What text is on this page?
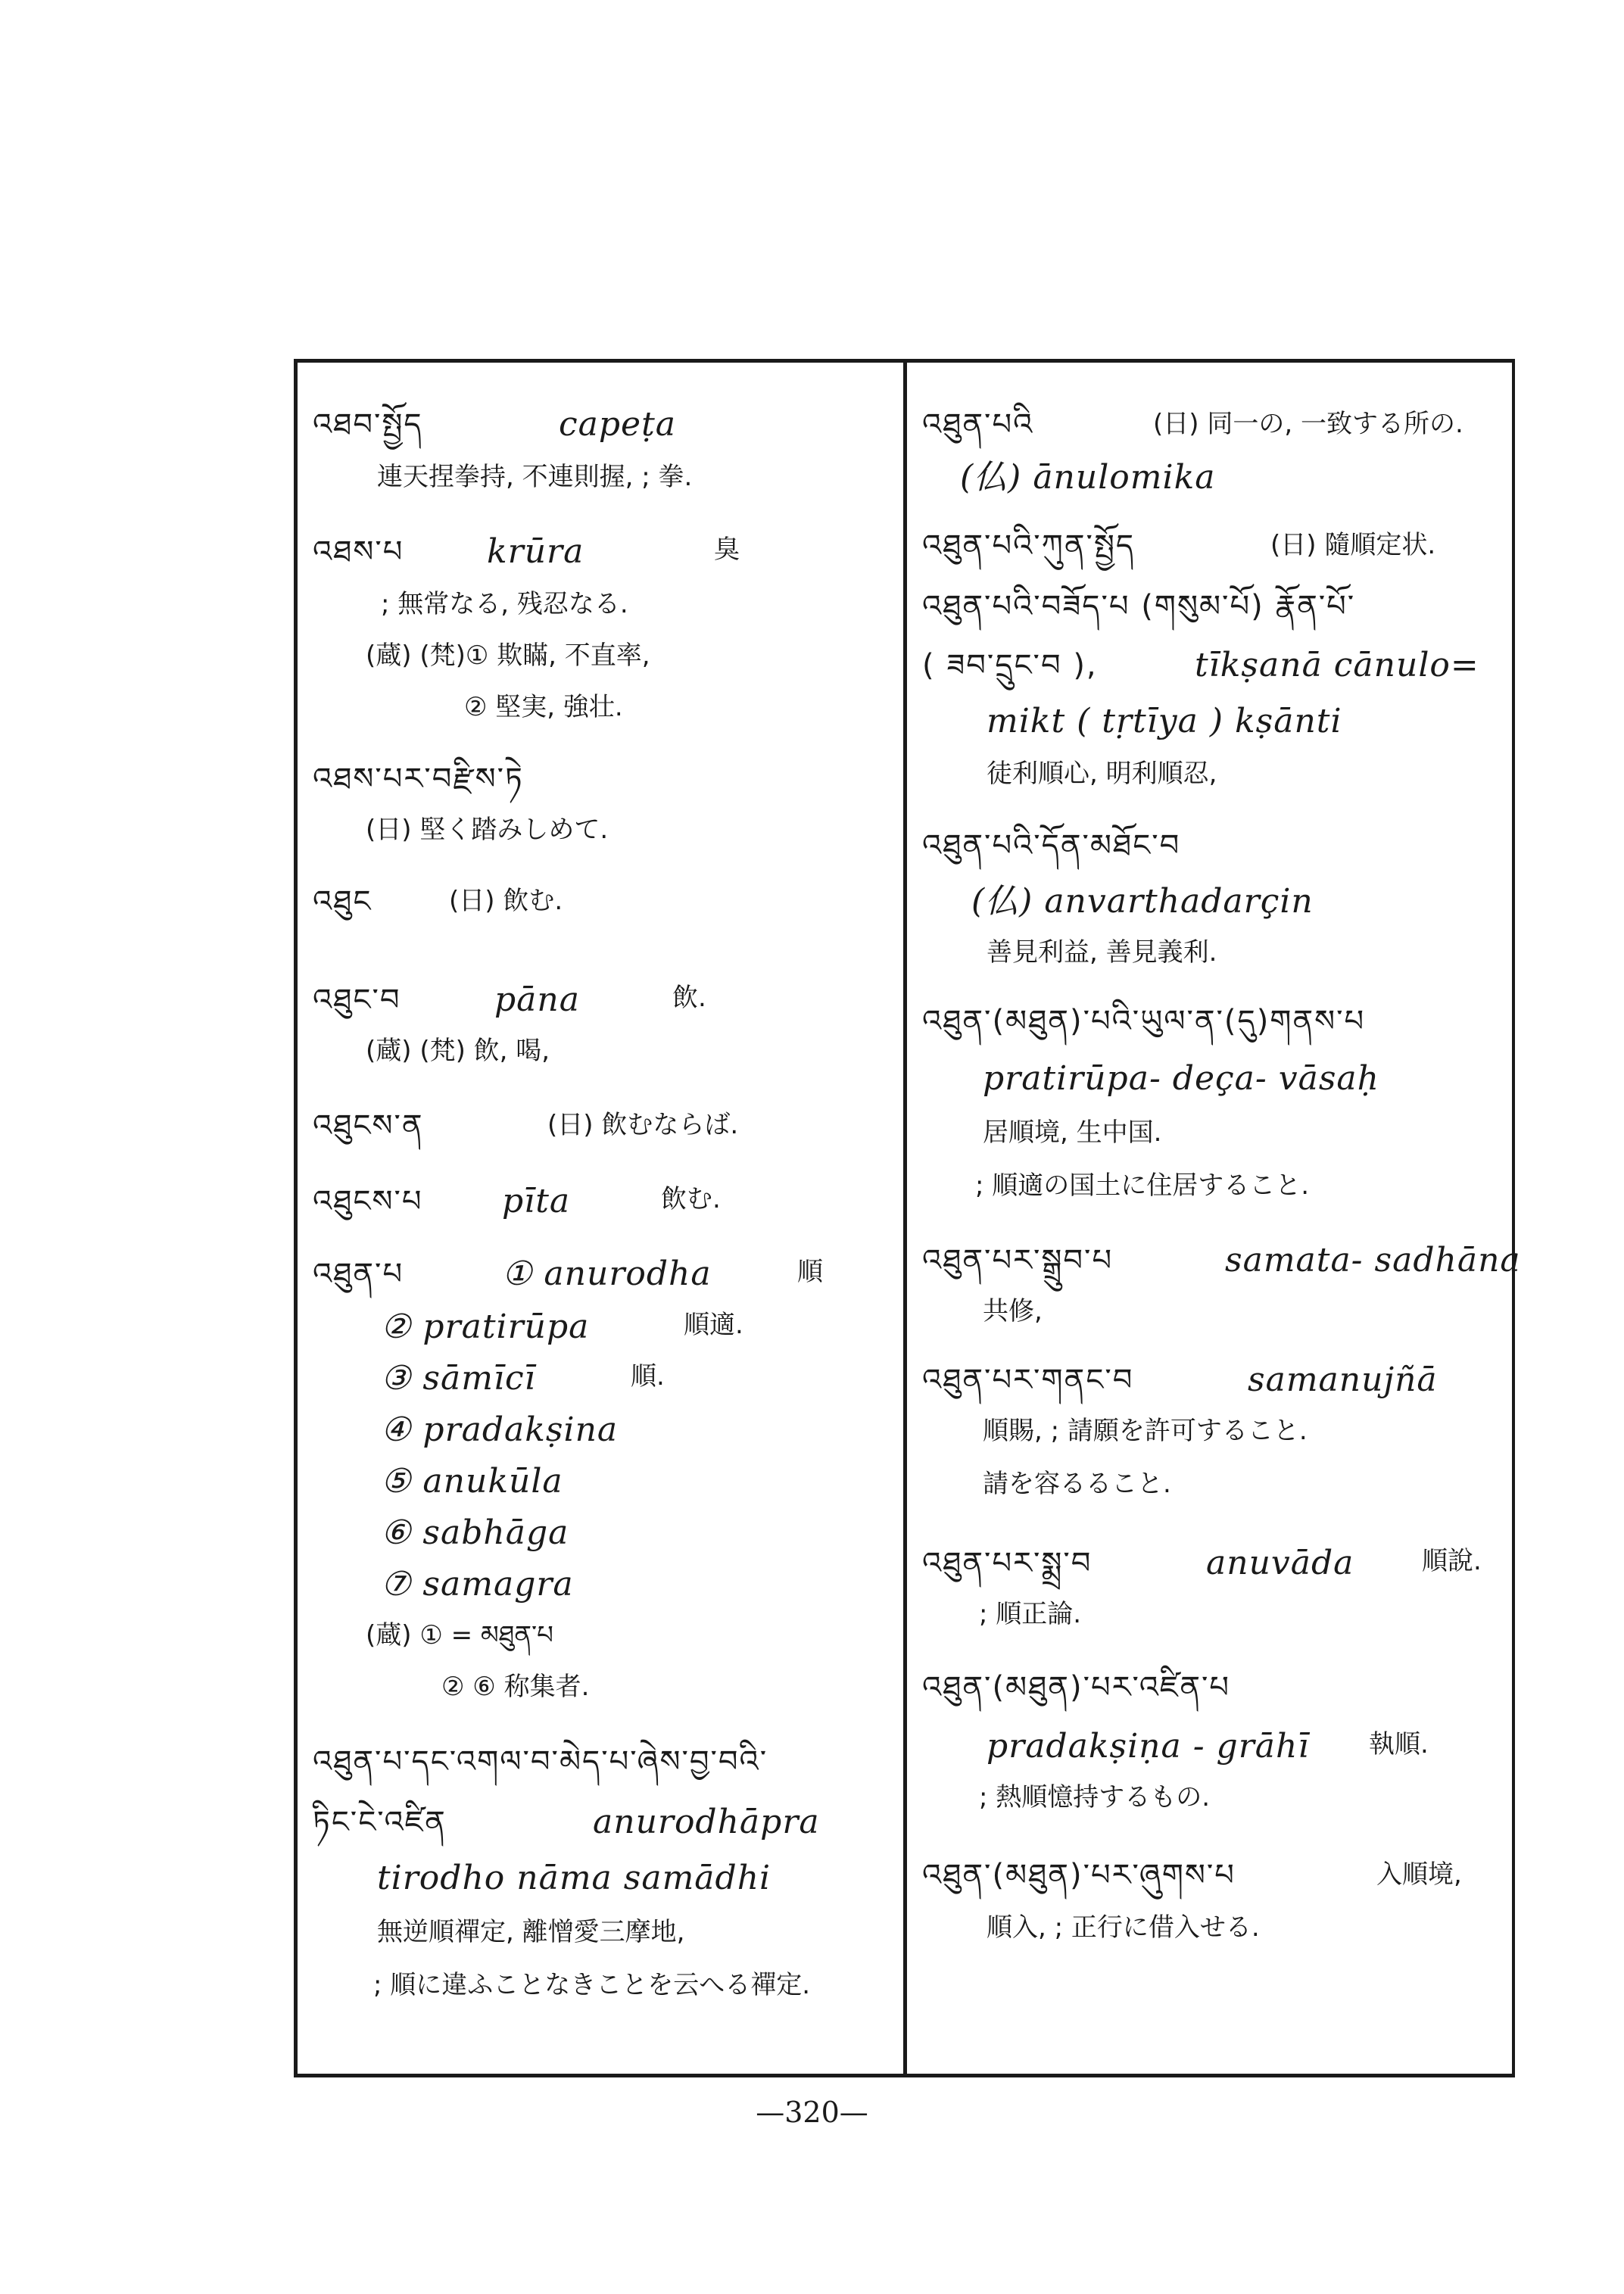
འཐབ་སྤྱོད	capeṭa
連天捏拳持, 不連則握, ; 拳.
འཐས་པ krūra	臭
; 無常なる, 残忍なる.
(蔵) (梵)① 欺瞞, 不直率,
② 堅実, 強壮.
འཐས་པར་བརྫིས་ཏེ
(日) 堅く踏みしめて.
འཐུང	(日) 飲む.
འཐུང་བ	pāna	飲.
(蔵) (梵) 飲, 喝,
འཐུངས་ན	(日) 飲むならば.
འཐུངས་པ pīta	飲む.
འཐུན་པ	① anurodha	順
② pratirūpa	順適.
③ sāmīcī	順.
④ pradakṣina
⑤ anukūla
⑥ sabhāga
⑦ samagra
(蔵) ① = མཐུན་པ
② ⑥ 称集者.
འཐུན་པ་དང་འགལ་བ་མེད་པ་ཞེས་བྱ་བའི་
ཏིང་ངེ་འཛིན	anurodhāpra
tirodho nāma samādhi
無逆順禪定, 離憎愛三摩地,
; 順に違ふことなきことを云へる禪定.
འཐུན་པའི	(日) 同一の, 一致する所の.
(仏) ānulomika
འཐུན་པའི་ཀུན་སྤྱོད	(日) 隨順定状.
འཐུན་པའི་བཟོད་པ (གསུམ་པོ) རྣོན་པོ་
( ཟབ་དྲུང་བ ),	tīkṣanā cānulo=
mikt ( tṛtīya ) kṣānti
徒利順心, 明利順忍,
འཐུན་པའི་དོན་མཐོང་བ
(仏) anvarthadarçin
善見利益, 善見義利.
འཐུན་(མཐུན)་པའི་ཡུལ་ན་(དུ)གནས་པ
pratirūpa- deça- vāsaḥ
居順境, 生中国.
; 順適の国土に住居すること.
འཐུན་པར་སྒྲུབ་པ	samata- sadhāna
共修,
འཐུན་པར་གནང་བ	samanujñā
順賜, ; 請願を許可すること.
請を容るること.
འཐུན་པར་སྨྲ་བ	anuvāda	順說.
; 順正論.
འཐུན་(མཐུན)་པར་འཛིན་པ
pradakṣiṇa - grāhī 執順.
; 熱順憶持するもの.
འཐུན་(མཐུན)་པར་ཞུགས་པ	入順境,
順入, ; 正行に借入せる.
—320—
